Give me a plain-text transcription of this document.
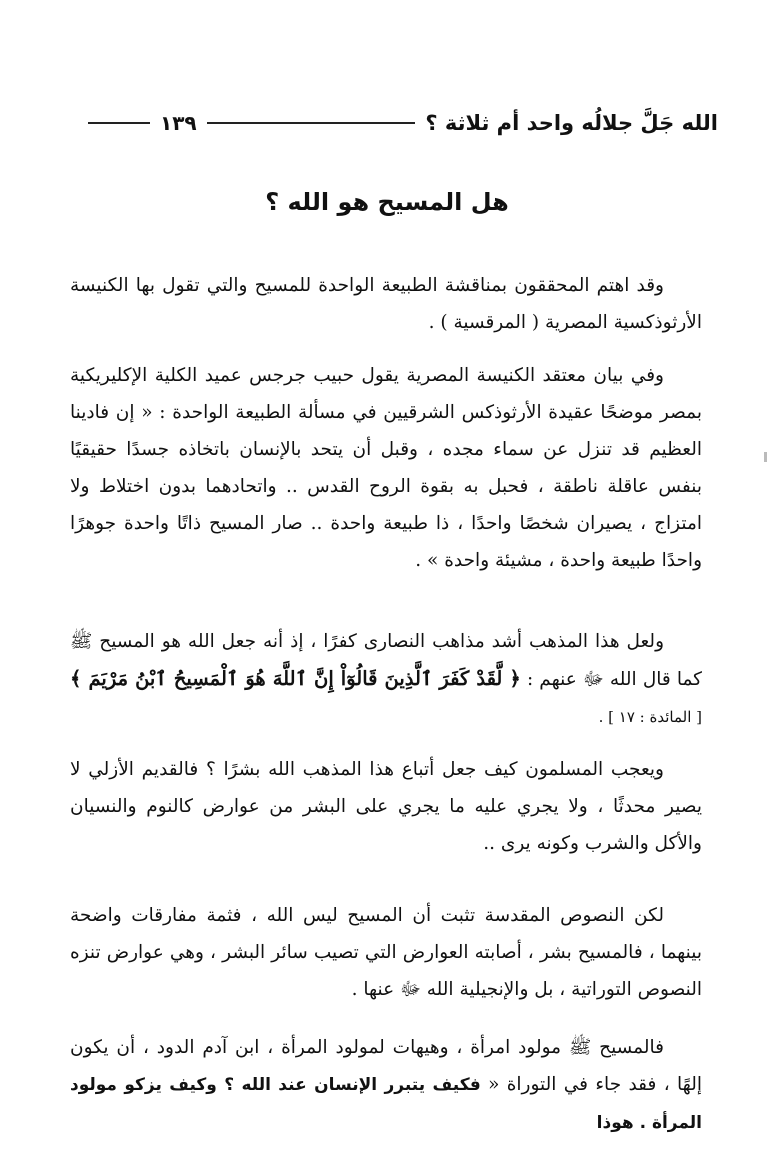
الله جَلَّ جلالُه واحد أم ثلاثة ؟
١٣٩
هل المسيح هو الله ؟

وقد اهتم المحققون بمناقشة الطبيعة الواحدة للمسيح والتي تقول بها الكنيسة الأرثوذكسية المصرية ( المرقسية ) .

وفي بيان معتقد الكنيسة المصرية يقول حبيب جرجس عميد الكلية الإكليريكية بمصر موضحًا عقيدة الأرثوذكس الشرقيين في مسألة الطبيعة الواحدة : « إن فادينا العظيم قد تنزل عن سماء مجده ، وقبل أن يتحد بالإنسان باتخاذه جسدًا حقيقيًا بنفس عاقلة ناطقة ، فحبل به بقوة الروح القدس .. واتحادهما بدون اختلاط ولا امتزاج ، يصيران شخصًا واحدًا ، ذا طبيعة واحدة .. صار المسيح ذاتًا واحدة جوهرًا واحدًا طبيعة واحدة ، مشيئة واحدة » .

ولعل هذا المذهب أشد مذاهب النصارى كفرًا ، إذ أنه جعل الله هو المسيح ﷺ كما قال الله ﷻ عنهم : ﴿ لَّقَدْ كَفَرَ ٱلَّذِينَ قَالُوٓاْ إِنَّ ٱللَّهَ هُوَ ٱلْمَسِيحُ ٱبْنُ مَرْيَمَ ﴾ [ المائدة : ١٧ ] .

ويعجب المسلمون كيف جعل أتباع هذا المذهب الله بشرًا ؟ فالقديم الأزلي لا يصير محدثًا ، ولا يجري عليه ما يجري على البشر من عوارض كالنوم والنسيان والأكل والشرب وكونه يرى ..

لكن النصوص المقدسة تثبت أن المسيح ليس الله ، فثمة مفارقات واضحة بينهما ، فالمسيح بشر ، أصابته العوارض التي تصيب سائر البشر ، وهي عوارض تنزه النصوص التوراتية ، بل والإنجيلية الله ﷻ عنها .

فالمسيح ﷺ مولود امرأة ، وهيهات لمولود المرأة ، ابن آدم الدود ، أن يكون إلهًا ، فقد جاء في التوراة « فكيف يتبرر الإنسان عند الله ؟ وكيف يزكو مولود المرأة . هوذا
